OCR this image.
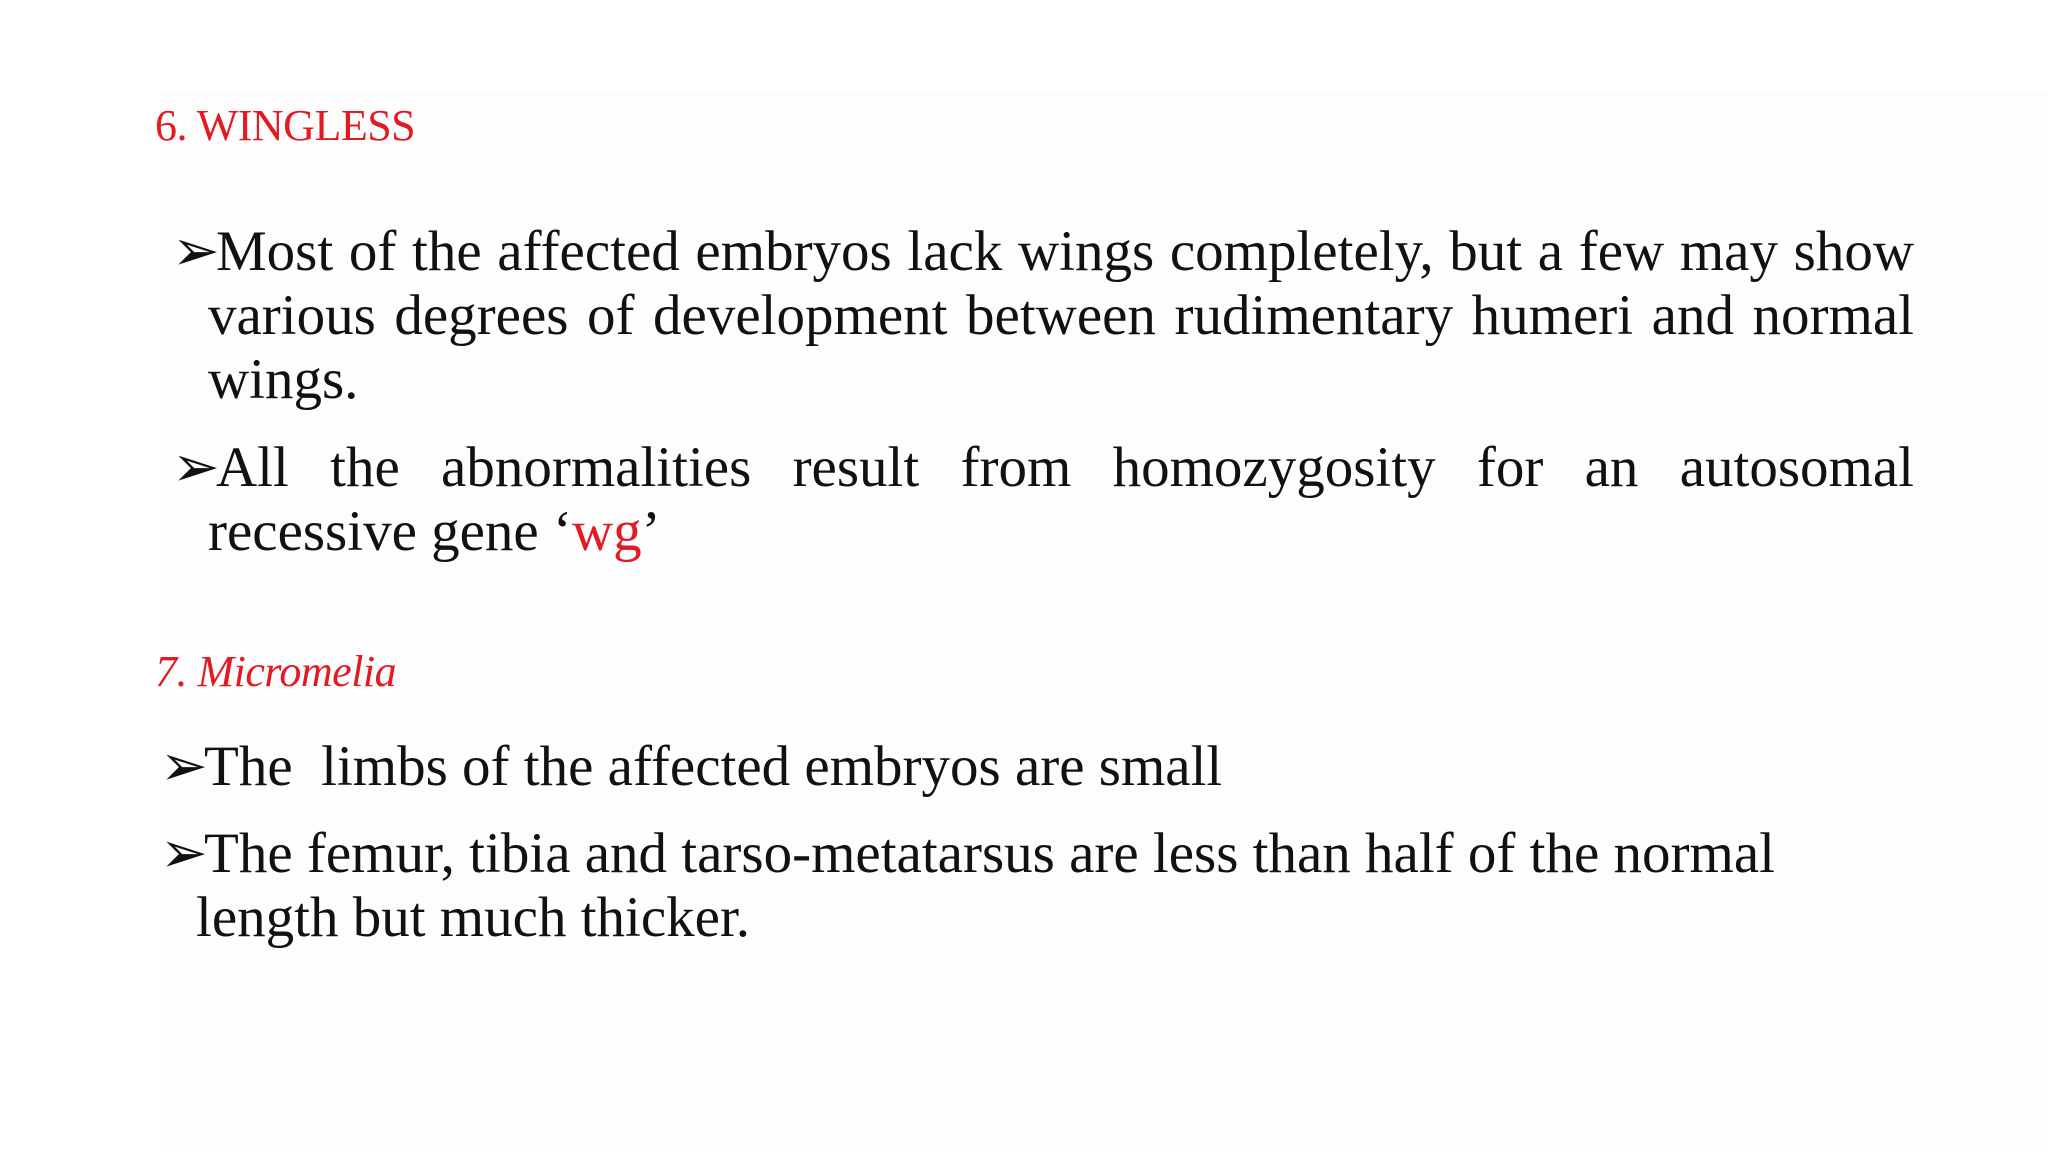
6. WINGLESS

➢Most of the affected embryos lack wings completely, but a few may show various degrees of development between rudimentary humeri and normal wings.

➢All the abnormalities result from homozygosity for an autosomal recessive gene ‘wg’

7. Micromelia

➢The  limbs of the affected embryos are small

➢The femur, tibia and tarso-metatarsus are less than half of the normal length but much thicker.
